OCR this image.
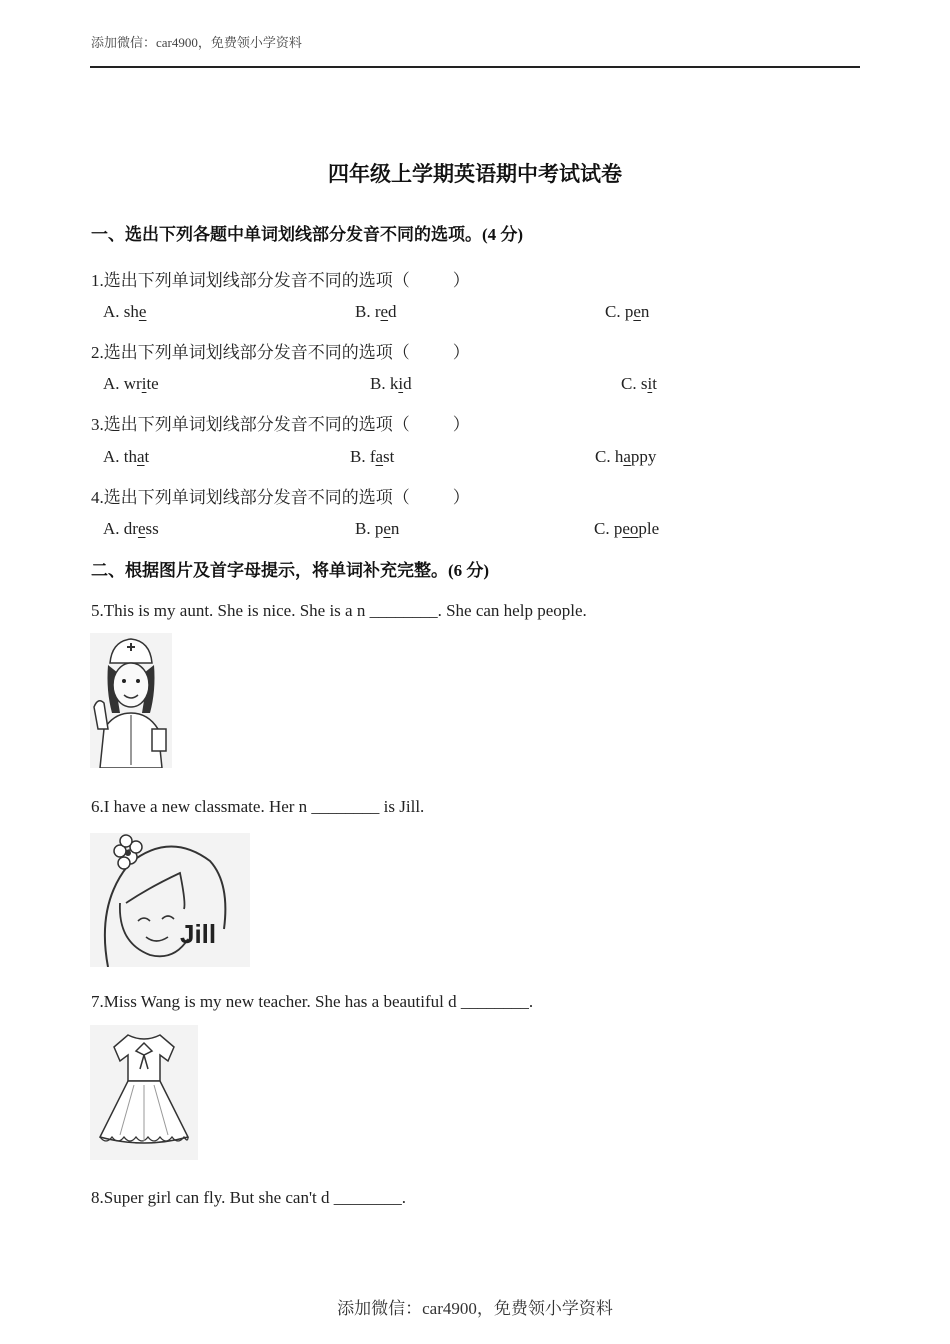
添加微信：car4900，免费领小学资料
四年级上学期英语期中考试试卷
一、选出下列各题中单词划线部分发音不同的选项。(4 分)
1.选出下列单词划线部分发音不同的选项（	）
A. she	B. red	C. pen
2.选出下列单词划线部分发音不同的选项（	）
A. write	B. kid	C. sit
3.选出下列单词划线部分发音不同的选项（	）
A. that	B. fast	C. happy
4.选出下列单词划线部分发音不同的选项（	）
A. dress	B. pen	C. people
二、根据图片及首字母提示，将单词补充完整。(6 分)
5.This is my aunt. She is nice. She is a n ________. She can help people.
6.I have a new classmate. Her n ________ is Jill.
Jill
7.Miss Wang is my new teacher. She has a beautiful d ________.
8.Super girl can fly. But she can't d ________.
添加微信：car4900，免费领小学资料
